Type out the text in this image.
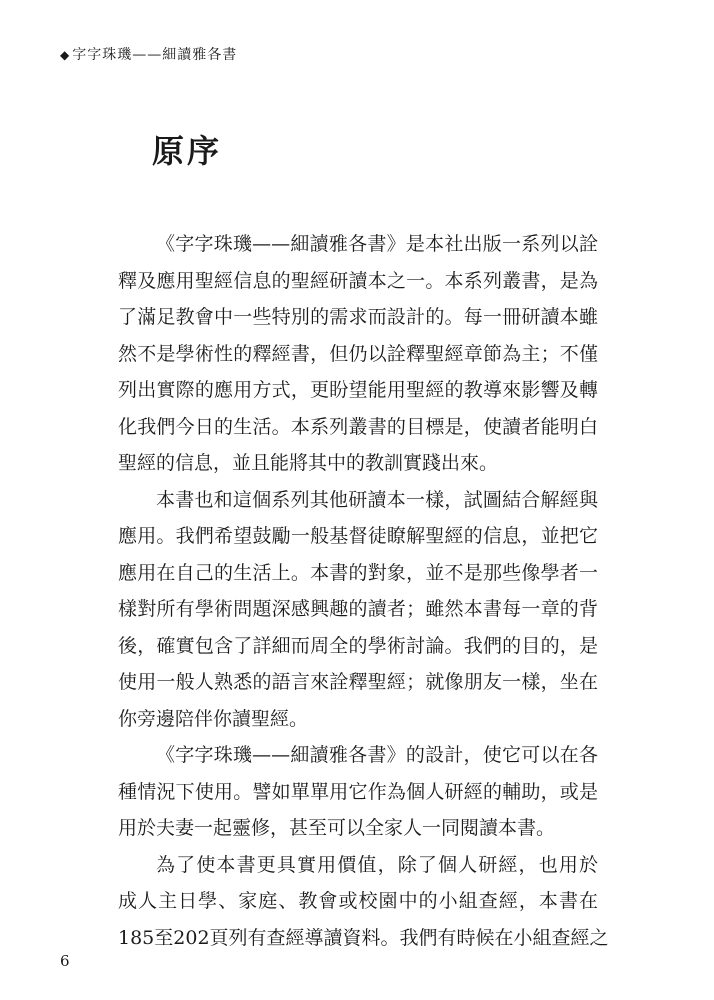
◆ 字字珠璣——細讀雅各書
原序
《字字珠璣——細讀雅各書》是本社出版一系列以詮
釋及應用聖經信息的聖經研讀本之一。本系列叢書，是為
了滿足教會中一些特別的需求而設計的。每一冊研讀本雖
然不是學術性的釋經書，但仍以詮釋聖經章節為主；不僅
列出實際的應用方式，更盼望能用聖經的教導來影響及轉
化我們今日的生活。本系列叢書的目標是，使讀者能明白
聖經的信息，並且能將其中的教訓實踐出來。
本書也和這個系列其他研讀本一樣，試圖結合解經與
應用。我們希望鼓勵一般基督徒瞭解聖經的信息，並把它
應用在自己的生活上。本書的對象，並不是那些像學者一
樣對所有學術問題深感興趣的讀者；雖然本書每一章的背
後，確實包含了詳細而周全的學術討論。我們的目的，是
使用一般人熟悉的語言來詮釋聖經；就像朋友一樣，坐在
你旁邊陪伴你讀聖經。
《字字珠璣——細讀雅各書》的設計，使它可以在各
種情況下使用。譬如單單用它作為個人研經的輔助，或是
用於夫妻一起靈修，甚至可以全家人一同閱讀本書。
為了使本書更具實用價值，除了個人研經，也用於
成人主日學、家庭、教會或校園中的小組查經，本書在
185至202頁列有查經導讀資料。我們有時候在小組查經之
6
